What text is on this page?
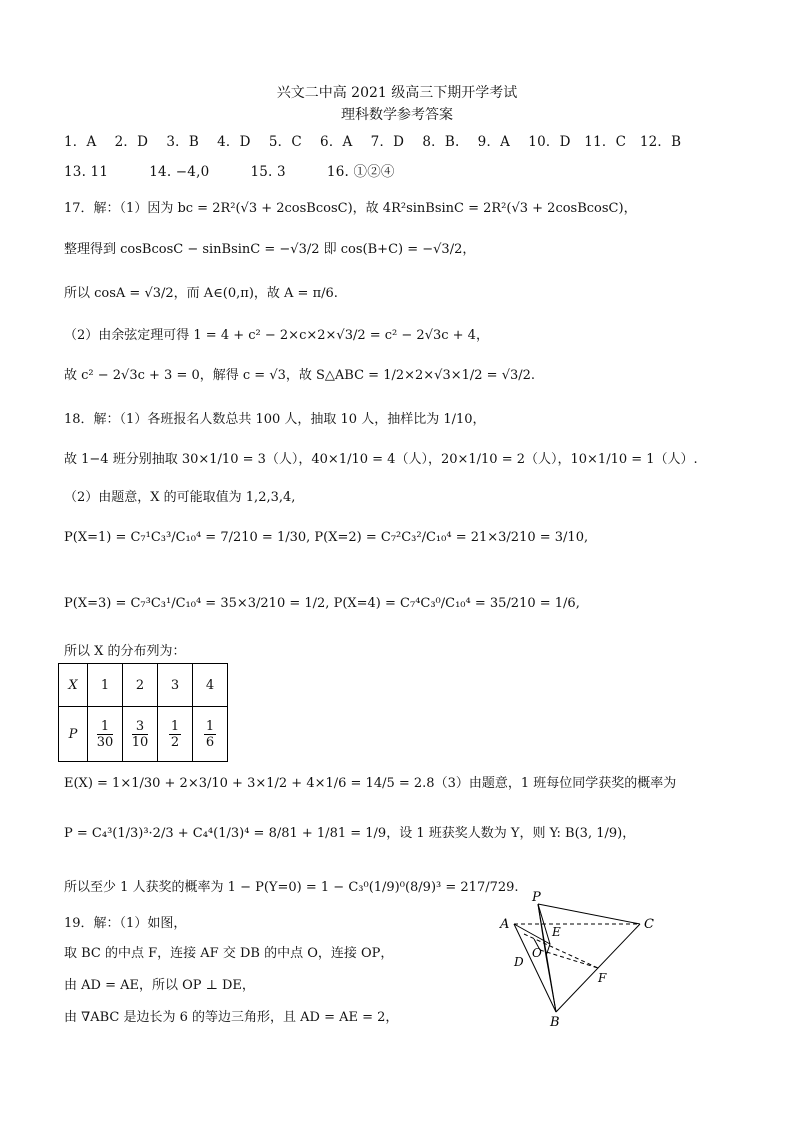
兴文二中高 2021 级高三下期开学考试
理科数学参考答案
1．A　 2．D　 3．B　 4．D　 5．C　 6．A　 7．D　 8．B.　 9．A　 10．D　11．C　12．B
13. 11　　　14. −4,0　　　15. 3　　　16. ①②④
17．解：（1）因为 bc = 2R²(√3 + 2cosBcosC)，故 4R²sinBsinC = 2R²(√3 + 2cosBcosC)，
整理得到 cosBcosC − sinBsinC = −√3/2 即 cos(B+C) = −√3/2，
所以 cosA = √3/2，而 A∈(0,π)，故 A = π/6.
（2）由余弦定理可得 1 = 4 + c² − 2×c×2×√3/2 = c² − 2√3c + 4，
故 c² − 2√3c + 3 = 0，解得 c = √3，故 S△ABC = 1/2×2×√3×1/2 = √3/2.
18．解：（1）各班报名人数总共 100 人，抽取 10 人，抽样比为 1/10，
故 1−4 班分别抽取 30×1/10 = 3（人），40×1/10 = 4（人），20×1/10 = 2（人），10×1/10 = 1（人）.
（2）由题意，X 的可能取值为 1,2,3,4,
P(X=1) = C₇¹C₃³/C₁₀⁴ = 7/210 = 1/30, P(X=2) = C₇²C₃²/C₁₀⁴ = 21×3/210 = 3/10,
P(X=3) = C₇³C₃¹/C₁₀⁴ = 35×3/210 = 1/2, P(X=4) = C₇⁴C₃⁰/C₁₀⁴ = 35/210 = 1/6,
所以 X 的分布列为：
X	1	2	3	4
P	$\frac{1}{30}$	$\frac{3}{10}$	$\frac{1}{2}$	$\frac{1}{6}$
E(X) = 1×1/30 + 2×3/10 + 3×1/2 + 4×1/6 = 14/5 = 2.8（3）由题意，1 班每位同学获奖的概率为
P = C₄³(1/3)³·2/3 + C₄⁴(1/3)⁴ = 8/81 + 1/81 = 1/9，设 1 班获奖人数为 Y，则 Y: B(3, 1/9)，
所以至少 1 人获奖的概率为 1 − P(Y=0) = 1 − C₃⁰(1/9)⁰(8/9)³ = 217/729.
19．解：（1）如图，
取 BC 的中点 F，连接 AF 交 DB 的中点 O，连接 OP，
由 AD = AE，所以 OP ⊥ DE，
由 ∇ABC 是边长为 6 的等边三角形，且 AD = AE = 2，
P
A	C
E
O
D
F
B
